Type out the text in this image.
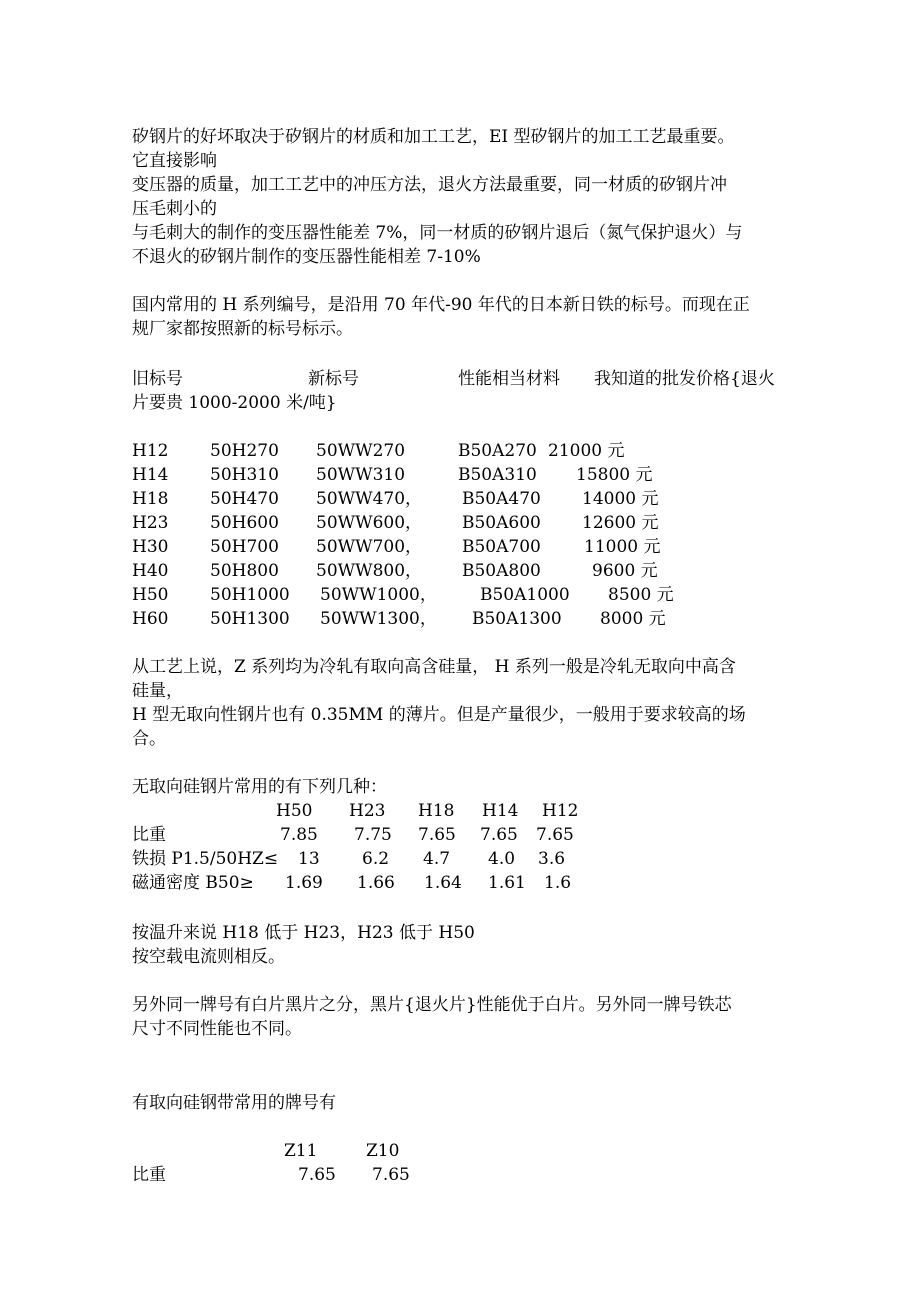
矽钢片的好坏取决于矽钢片的材质和加工工艺，EI 型矽钢片的加工工艺最重要。
它直接影响
变压器的质量，加工工艺中的冲压方法，退火方法最重要，同一材质的矽钢片冲
压毛刺小的
与毛刺大的制作的变压器性能差 7%，同一材质的矽钢片退后（氮气保护退火）与
不退火的矽钢片制作的变压器性能相差 7-10%
国内常用的 H 系列编号，是沿用 70 年代-90 年代的日本新日铁的标号。而现在正
规厂家都按照新的标号标示。
旧标号	新标号	性能相当材料 我知道的批发价格{退火
片要贵 1000-2000 米/吨}
H12 50H270 50WW270	B50A270 21000 元
H14 50H310 50WW310	B50A310 15800 元
H18 50H470 50WW470， B50A470 14000 元
H23 50H600 50WW600， B50A600 12600 元
H30 50H700 50WW700， B50A700	11000 元
H40 50H800 50WW800， B50A800	9600 元
H50 50H1000 50WW1000，	B50A1000 8500 元
H60 50H1300 50WW1300， B50A1300 8000 元
从工艺上说，Z 系列均为冷轧有取向高含硅量， H 系列一般是冷轧无取向中高含
硅量，
H 型无取向性钢片也有 0.35MM 的薄片。但是产量很少，一般用于要求较高的场
合。
无取向硅钢片常用的有下列几种：
H50 H23 H18 H14 H12
比重	7.85 7.75 7.65 7.65 7.65
铁损 P1.5/50HZ≤ 13 6.2 4.7 4.0 3.6
磁通密度 B50≥ 1.69 1.66 1.64 1.61 1.6
按温升来说 H18 低于 H23，H23 低于 H50
按空载电流则相反。
另外同一牌号有白片黑片之分，黑片{退火片}性能优于白片。另外同一牌号铁芯
尺寸不同性能也不同。
有取向硅钢带常用的牌号有
Z11	Z10
比重	7.65 7.65
